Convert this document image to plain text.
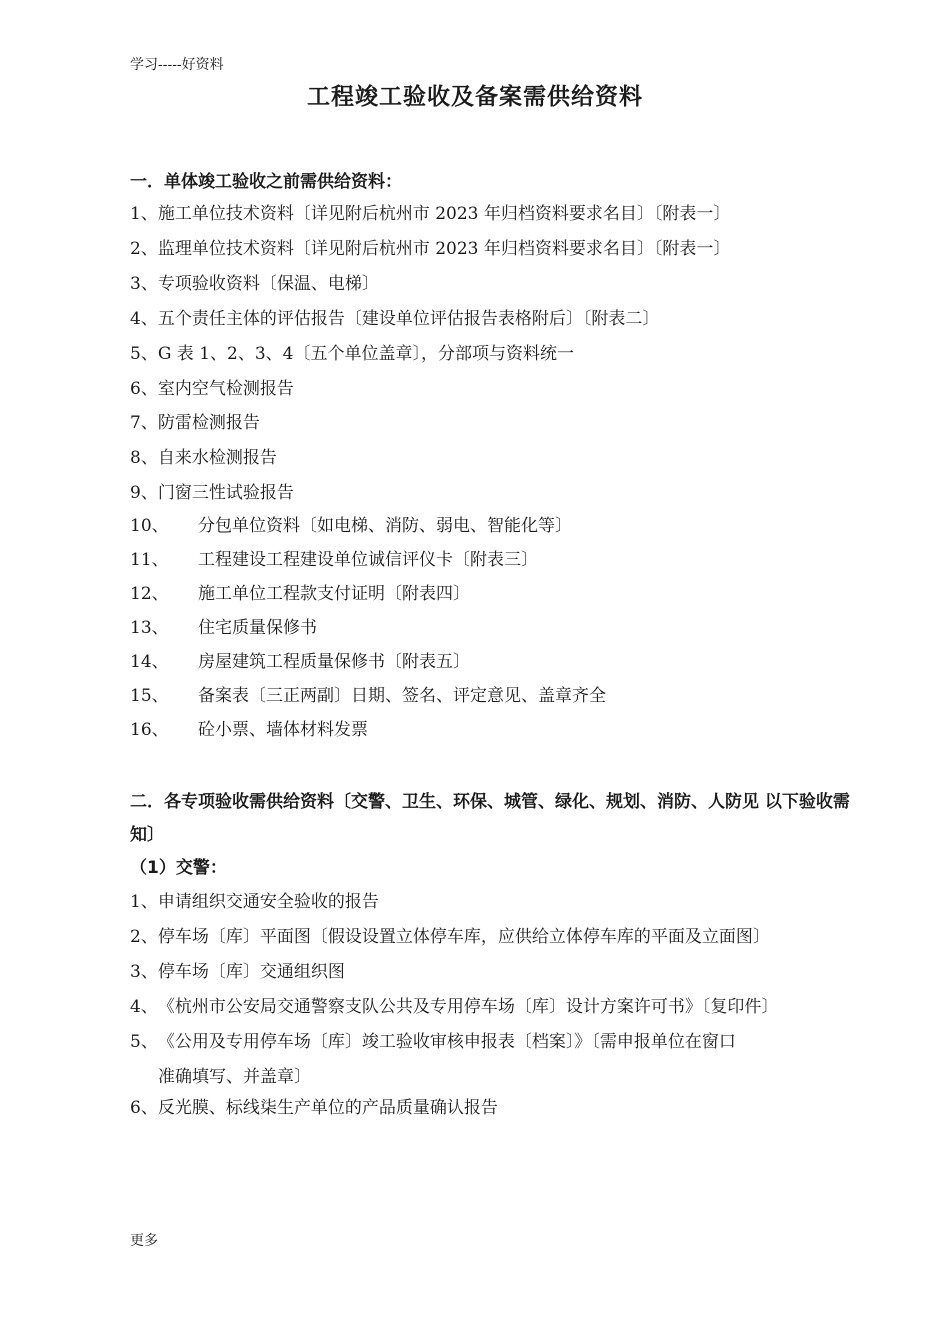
学习-----好资料
工程竣工验收及备案需供给资料
一．单体竣工验收之前需供给资料：
1、施工单位技术资料〔详见附后杭州市 2023 年归档资料要求名目〕〔附表一〕
2、监理单位技术资料〔详见附后杭州市 2023 年归档资料要求名目〕〔附表一〕
3、专项验收资料〔保温、电梯〕
4、五个责任主体的评估报告〔建设单位评估报告表格附后〕〔附表二〕
5、G 表 1、2、3、4〔五个单位盖章〕，分部项与资料统一
6、室内空气检测报告
7、防雷检测报告
8、自来水检测报告
9、门窗三性试验报告
10、 分包单位资料〔如电梯、消防、弱电、智能化等〕
11、 工程建设工程建设单位诚信评仪卡〔附表三〕
12、 施工单位工程款支付证明〔附表四〕
13、 住宅质量保修书
14、 房屋建筑工程质量保修书〔附表五〕
15、 备案表〔三正两副〕日期、签名、评定意见、盖章齐全
16、 砼小票、墙体材料发票
二．各专项验收需供给资料〔交警、卫生、环保、城管、绿化、规划、消防、人防见 以下验收需知〕
（1）交警：
1、申请组织交通安全验收的报告
2、停车场〔库〕平面图〔假设设置立体停车库，应供给立体停车库的平面及立面图〕
3、停车场〔库〕交通组织图
4、《杭州市公安局交通警察支队公共及专用停车场〔库〕设计方案许可书》〔复印件〕
5、《公用及专用停车场〔库〕竣工验收审核申报表〔档案〕》〔需申报单位在窗口
准确填写、并盖章〕
6、反光膜、标线柒生产单位的产品质量确认报告
更多
